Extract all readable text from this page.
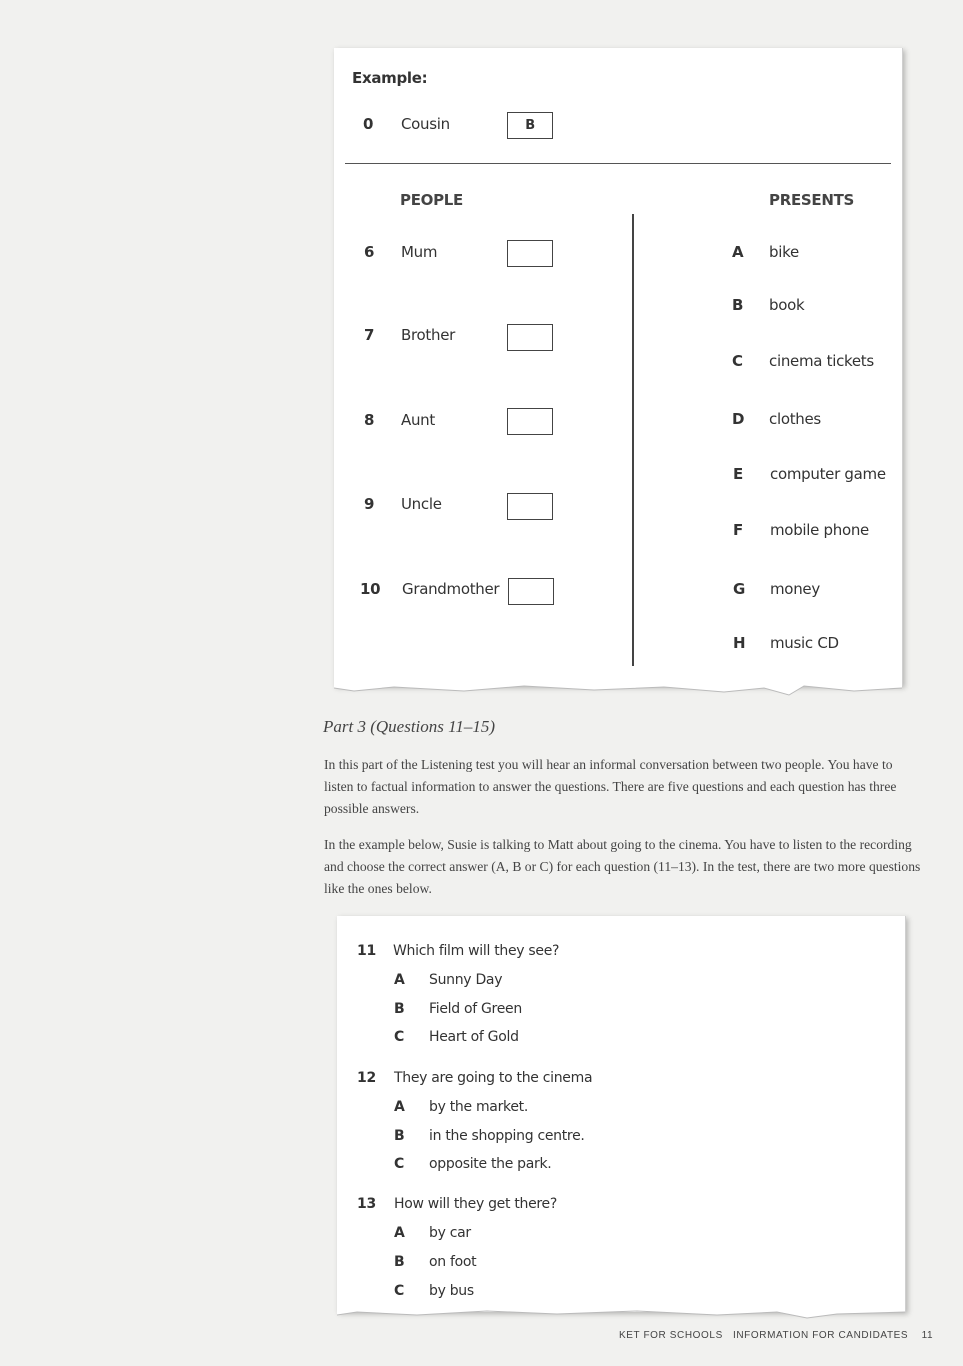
Example:
0 Cousin	B
PEOPLE	PRESENTS
6 Mum
7 Brother
8 Aunt
9 Uncle
10 Grandmother
A bike
B book
C cinema tickets
D clothes
E computer game
F mobile phone
G money
H music CD
Part 3 (Questions 11–15)
In this part of the Listening test you will hear an informal conversation between two people. You have to listen to factual information to answer the questions. There are five questions and each question has three possible answers.
In the example below, Susie is talking to Matt about going to the cinema. You have to listen to the recording and choose the correct answer (A, B or C) for each question (11–13). In the test, there are two more questions like the ones below.
11 Which film will they see?
A Sunny Day
B Field of Green
C Heart of Gold
12 They are going to the cinema
A by the market.
B in the shopping centre.
C opposite the park.
13 How will they get there?
A by car
B on foot
C by bus
KET FOR SCHOOLS   INFORMATION FOR CANDIDATES 11
